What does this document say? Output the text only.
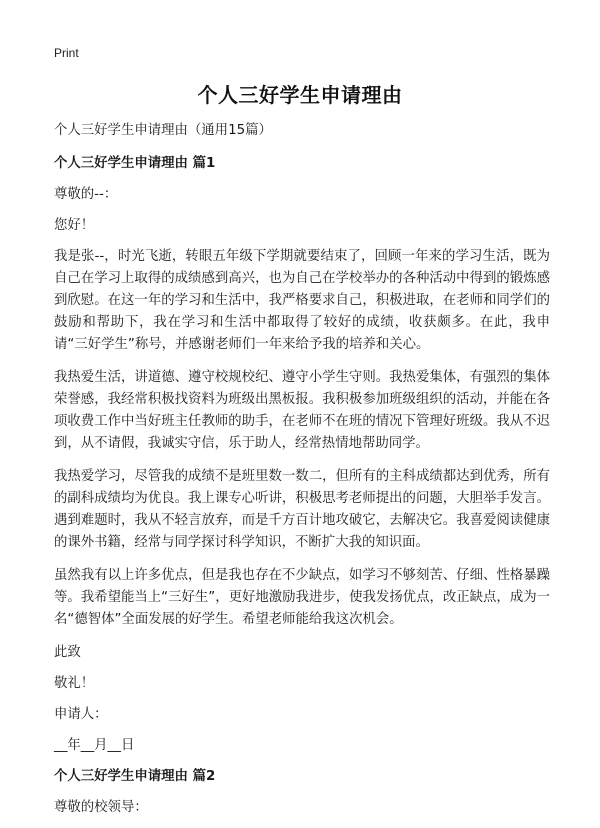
Print
个人三好学生申请理由

个人三好学生申请理由（通用15篇）

个人三好学生申请理由 篇1

尊敬的--：

您好！

我是张--，时光飞逝，转眼五年级下学期就要结束了，回顾一年来的学习生活，既为自己在学习上取得的成绩感到高兴，也为自己在学校举办的各种活动中得到的锻炼感到欣慰。在这一年的学习和生活中，我严格要求自己，积极进取，在老师和同学们的鼓励和帮助下，我在学习和生活中都取得了较好的成绩，收获颇多。在此，我申请“三好学生”称号，并感谢老师们一年来给予我的培养和关心。

我热爱生活，讲道德、遵守校规校纪、遵守小学生守则。我热爱集体，有强烈的集体荣誉感，我经常积极找资料为班级出黑板报。我积极参加班级组织的活动，并能在各项收费工作中当好班主任教师的助手，在老师不在班的情况下管理好班级。我从不迟到，从不请假，我诚实守信，乐于助人，经常热情地帮助同学。

我热爱学习，尽管我的成绩不是班里数一数二，但所有的主科成绩都达到优秀，所有的副科成绩均为优良。我上课专心听讲，积极思考老师提出的问题，大胆举手发言。遇到难题时，我从不轻言放弃，而是千方百计地攻破它，去解决它。我喜爱阅读健康的课外书籍，经常与同学探讨科学知识，不断扩大我的知识面。

虽然我有以上许多优点，但是我也存在不少缺点，如学习不够刻苦、仔细、性格暴躁等。我希望能当上“三好生”，更好地激励我进步，使我发扬优点，改正缺点，成为一名“德智体”全面发展的好学生。希望老师能给我这次机会。

此致

敬礼！

申请人：

__年__月__日

个人三好学生申请理由 篇2

尊敬的校领导：
